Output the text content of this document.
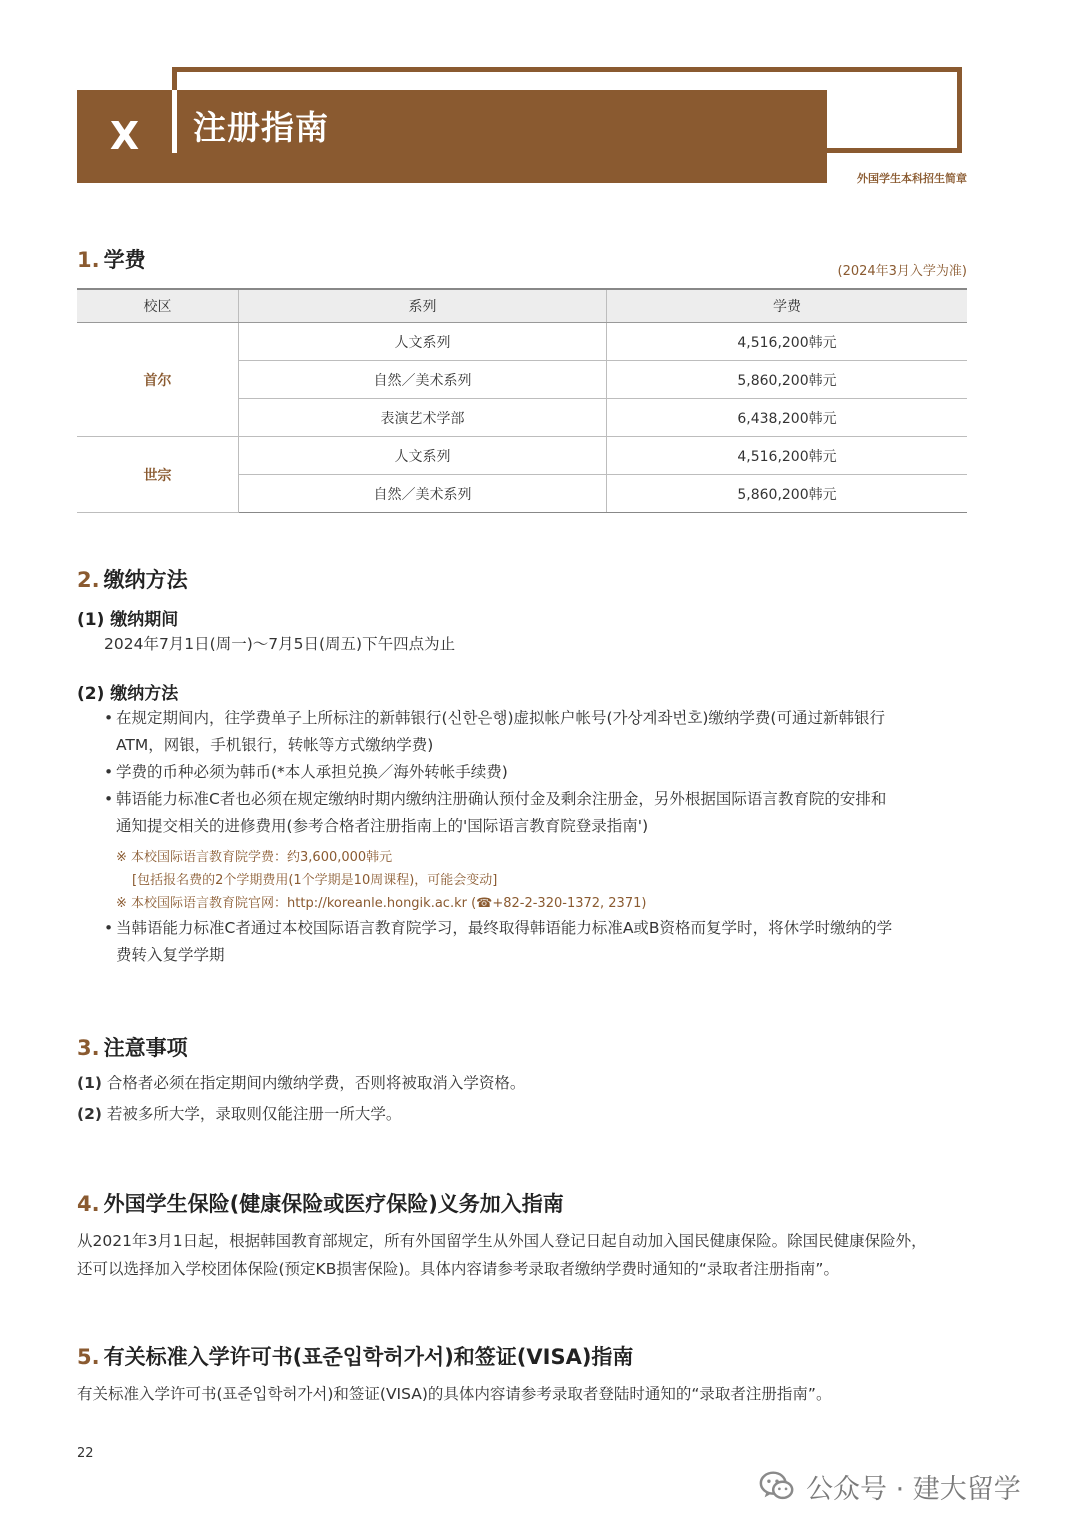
X	注册指南
外国学生本科招生简章
1. 学费	(2024年3月入学为准)
校区	系列	学费
首尔	人文系列	4,516,200韩元
	自然／美术系列	5,860,200韩元
	表演艺术学部	6,438,200韩元
世宗	人文系列	4,516,200韩元
	自然／美术系列	5,860,200韩元
2. 缴纳方法
(1) 缴纳期间
2024年7月1日(周一)～7月5日(周五)下午四点为止
(2) 缴纳方法
• 在规定期间内，往学费单子上所标注的新韩银行(신한은행)虚拟帐户帐号(가상계좌번호)缴纳学费(可通过新韩银行
ATM，网银，手机银行，转帐等方式缴纳学费)
• 学费的币种必须为韩币(*本人承担兑换／海外转帐手续费)
• 韩语能力标准C者也必须在规定缴纳时期内缴纳注册确认预付金及剩余注册金，另外根据国际语言教育院的安排和
通知提交相关的进修费用(参考合格者注册指南上的'国际语言教育院登录指南')
※ 本校国际语言教育院学费：约3,600,000韩元
[包括报名费的2个学期费用(1个学期是10周课程)，可能会变动]
※ 本校国际语言教育院官网：http://koreanle.hongik.ac.kr (☎+82-2-320-1372, 2371)
• 当韩语能力标准C者通过本校国际语言教育院学习，最终取得韩语能力标准A或B资格而复学时，将休学时缴纳的学
费转入复学学期
3. 注意事项
(1) 合格者必须在指定期间内缴纳学费，否则将被取消入学资格。
(2) 若被多所大学，录取则仅能注册一所大学。
4. 外国学生保险(健康保险或医疗保险)义务加入指南
从2021年3月1日起，根据韩国教育部规定，所有外国留学生从外国人登记日起自动加入国民健康保险。除国民健康保险外，
还可以选择加入学校团体保险(预定KB损害保险)。具体内容请参考录取者缴纳学费时通知的“录取者注册指南”。
5. 有关标准入学许可书(표준입학허가서)和签证(VISA)指南
有关标准入学许可书(표준입학허가서)和签证(VISA)的具体内容请参考录取者登陆时通知的“录取者注册指南”。
22
公众号 · 建大留学
